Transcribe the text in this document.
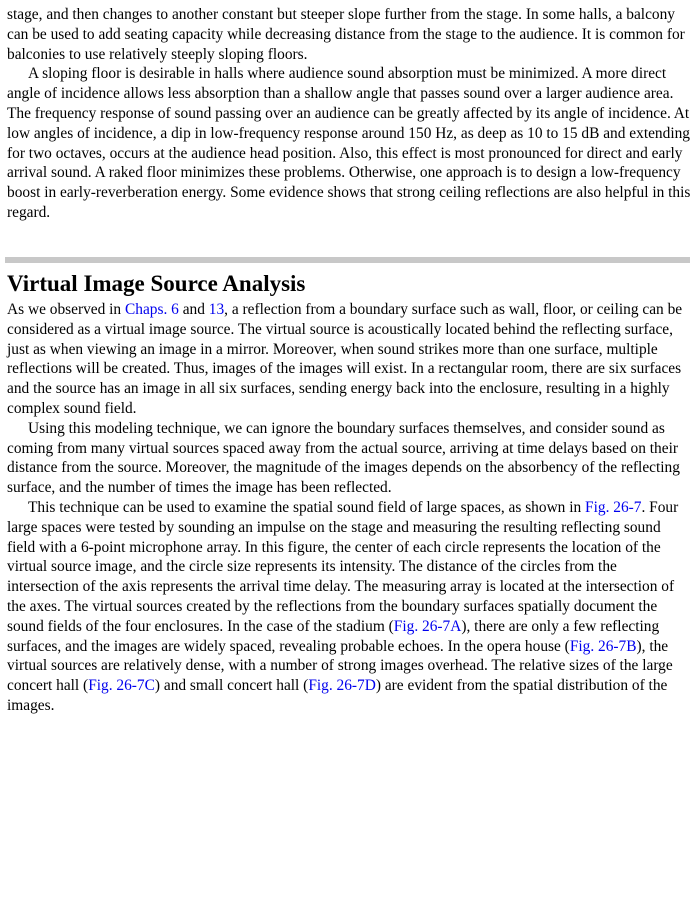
stage, and then changes to another constant but steeper slope further from the stage. In some halls, a balcony can be used to add seating capacity while decreasing distance from the stage to the audience. It is common for balconies to use relatively steeply sloping floors.

A sloping floor is desirable in halls where audience sound absorption must be minimized. A more direct angle of incidence allows less absorption than a shallow angle that passes sound over a larger audience area. The frequency response of sound passing over an audience can be greatly affected by its angle of incidence. At low angles of incidence, a dip in low-frequency response around 150 Hz, as deep as 10 to 15 dB and extending for two octaves, occurs at the audience head position. Also, this effect is most pronounced for direct and early arrival sound. A raked floor minimizes these problems. Otherwise, one approach is to design a low-frequency boost in early-reverberation energy. Some evidence shows that strong ceiling reflections are also helpful in this regard.

Virtual Image Source Analysis

As we observed in Chaps. 6 and 13, a reflection from a boundary surface such as wall, floor, or ceiling can be considered as a virtual image source. The virtual source is acoustically located behind the reflecting surface, just as when viewing an image in a mirror. Moreover, when sound strikes more than one surface, multiple reflections will be created. Thus, images of the images will exist. In a rectangular room, there are six surfaces and the source has an image in all six surfaces, sending energy back into the enclosure, resulting in a highly complex sound field.

Using this modeling technique, we can ignore the boundary surfaces themselves, and consider sound as coming from many virtual sources spaced away from the actual source, arriving at time delays based on their distance from the source. Moreover, the magnitude of the images depends on the absorbency of the reflecting surface, and the number of times the image has been reflected.

This technique can be used to examine the spatial sound field of large spaces, as shown in Fig. 26-7. Four large spaces were tested by sounding an impulse on the stage and measuring the resulting reflecting sound field with a 6-point microphone array. In this figure, the center of each circle represents the location of the virtual source image, and the circle size represents its intensity. The distance of the circles from the intersection of the axis represents the arrival time delay. The measuring array is located at the intersection of the axes. The virtual sources created by the reflections from the boundary surfaces spatially document the sound fields of the four enclosures. In the case of the stadium (Fig. 26-7A), there are only a few reflecting surfaces, and the images are widely spaced, revealing probable echoes. In the opera house (Fig. 26-7B), the virtual sources are relatively dense, with a number of strong images overhead. The relative sizes of the large concert hall (Fig. 26-7C) and small concert hall (Fig. 26-7D) are evident from the spatial distribution of the images.
